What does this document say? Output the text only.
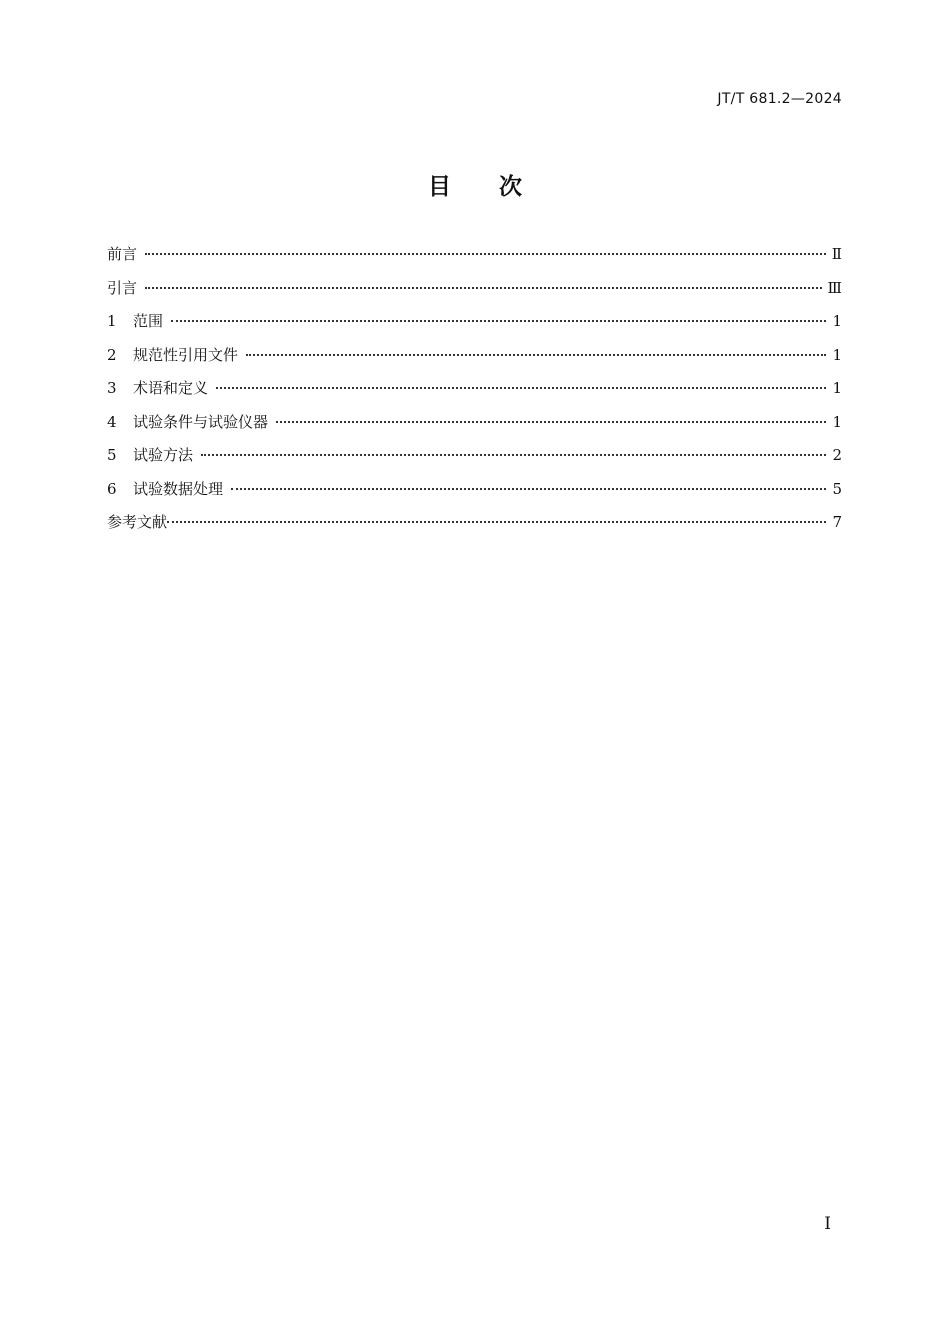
JT/T 681.2—2024
目次
前言	Ⅱ
引言	Ⅲ
1	范围	1
2	规范性引用文件	1
3	术语和定义	1
4	试验条件与试验仪器	1
5	试验方法	2
6	试验数据处理	5
参考文献	7
I
